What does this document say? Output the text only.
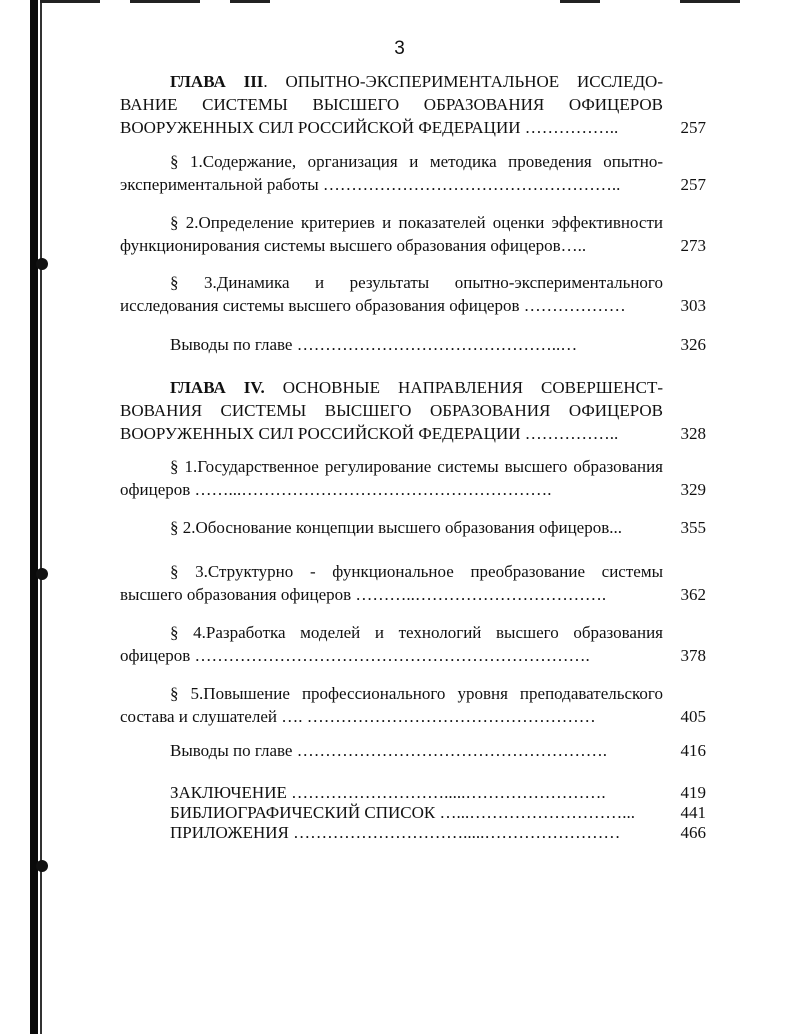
3
ГЛАВА III. ОПЫТНО-ЭКСПЕРИМЕНТАЛЬНОЕ ИССЛЕДО-ВАНИЕ СИСТЕМЫ ВЫСШЕГО ОБРАЗОВАНИЯ ОФИЦЕРОВ ВООРУЖЕННЫХ СИЛ РОССИЙСКОЙ ФЕДЕРАЦИИ ……………..	257
§ 1.Содержание, организация и методика проведения опытно-экспериментальной работы ……………………………………………..	257
§ 2.Определение критериев и показателей оценки эффективности функционирования системы высшего образования офицеров…..	273
§ 3.Динамика и результаты опытно-экспериментального исследования системы высшего образования офицеров ………………	303
Выводы по главе ………………………………………..…	326
ГЛАВА IV. ОСНОВНЫЕ НАПРАВЛЕНИЯ СОВЕРШЕНСТ-ВОВАНИЯ СИСТЕМЫ ВЫСШЕГО ОБРАЗОВАНИЯ ОФИЦЕРОВ ВООРУЖЕННЫХ СИЛ РОССИЙСКОЙ ФЕДЕРАЦИИ ……………..	328
§ 1.Государственное регулирование системы высшего образования офицеров ……...……………………………………………….	329
§ 2.Обоснование концепции высшего образования офицеров...	355
§ 3.Структурно - функциональное преобразование системы высшего образования офицеров ………..…………………………….	362
§ 4.Разработка моделей и технологий высшего образования офицеров …………………………………………………………….	378
§ 5.Повышение профессионального уровня преподавательского состава и слушателей …. ……………………………………………	405
Выводы по главе ……………………………………………….	416
ЗАКЛЮЧЕНИЕ ……………………….....…………………….	419
БИБЛИОГРАФИЧЕСКИЙ СПИСОК …...………………………...	441
ПРИЛОЖЕНИЯ ………………………….....……………………	466
